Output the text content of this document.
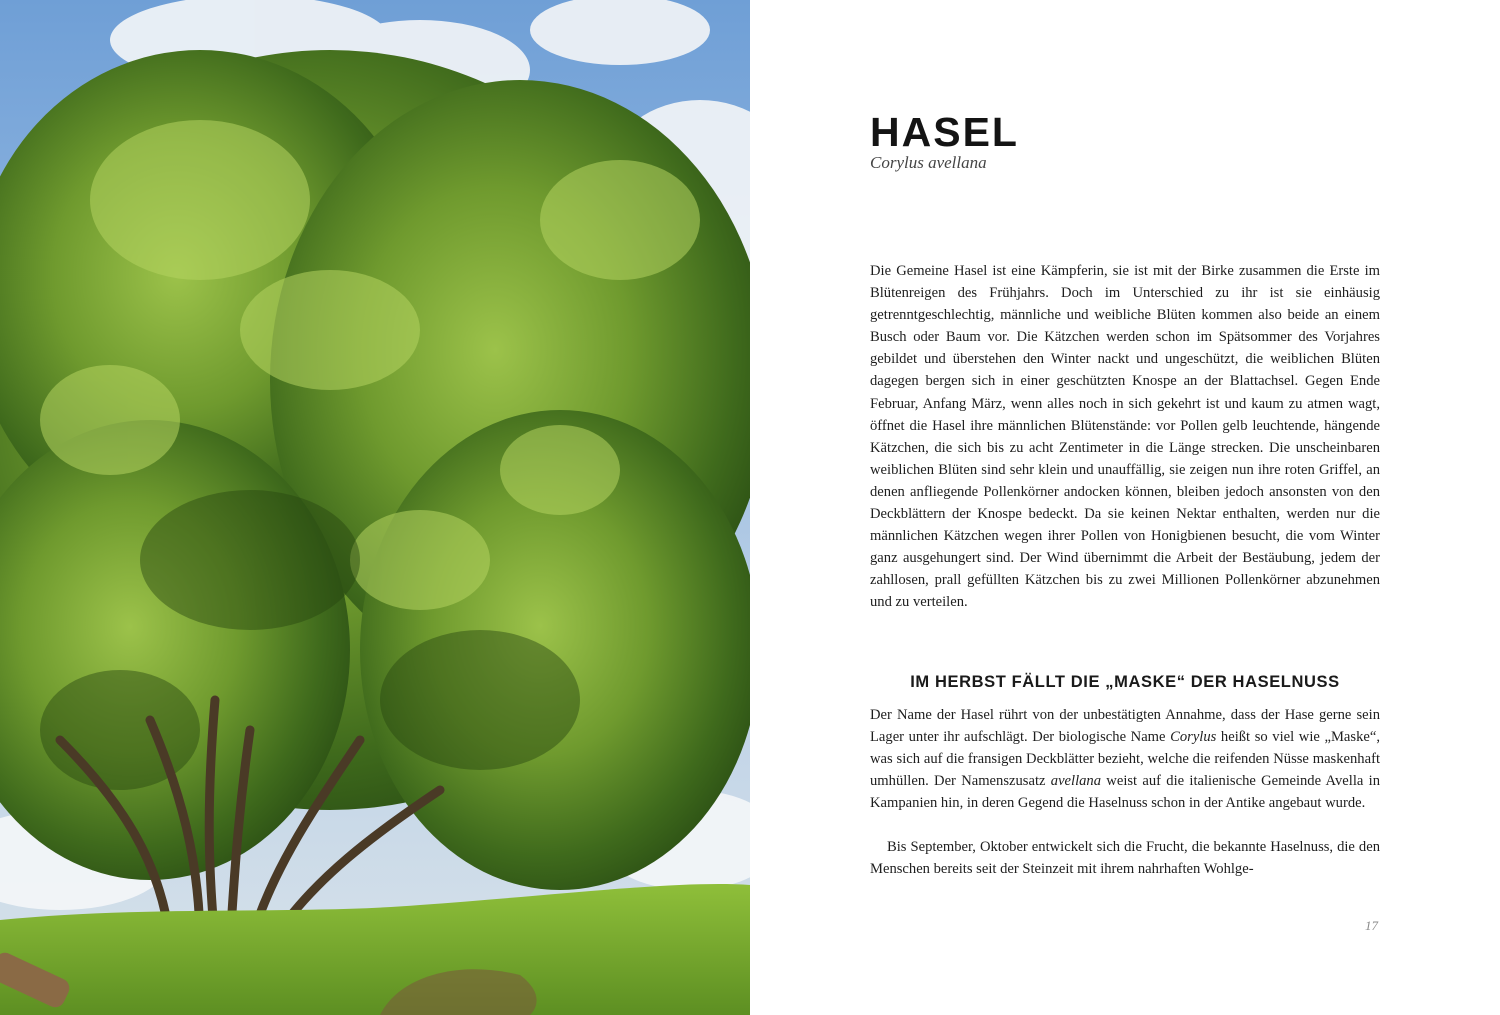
HASEL
Corylus avellana

Die Gemeine Hasel ist eine Kämpferin, sie ist mit der Birke zusammen die Erste im Blütenreigen des Frühjahrs. Doch im Unterschied zu ihr ist sie einhäusig getrenntgeschlechtig, männliche und weibliche Blüten kommen also beide an einem Busch oder Baum vor. Die Kätzchen werden schon im Spätsommer des Vorjahres gebildet und überstehen den Winter nackt und ungeschützt, die weiblichen Blüten dagegen bergen sich in einer geschützten Knospe an der Blattachsel. Gegen Ende Februar, Anfang März, wenn alles noch in sich gekehrt ist und kaum zu atmen wagt, öffnet die Hasel ihre männlichen Blütenstände: vor Pollen gelb leuchtende, hängende Kätzchen, die sich bis zu acht Zentimeter in die Länge strecken. Die unscheinbaren weiblichen Blüten sind sehr klein und unauffällig, sie zeigen nun ihre roten Griffel, an denen anfliegende Pollenkörner andocken können, bleiben jedoch ansonsten von den Deckblättern der Knospe bedeckt. Da sie keinen Nektar enthalten, werden nur die männlichen Kätzchen wegen ihrer Pollen von Honigbienen besucht, die vom Winter ganz ausgehungert sind. Der Wind übernimmt die Arbeit der Bestäubung, jedem der zahllosen, prall gefüllten Kätzchen bis zu zwei Millionen Pollenkörner abzunehmen und zu verteilen.

IM HERBST FÄLLT DIE „MASKE“ DER HASELNUSS

Der Name der Hasel rührt von der unbestätigten Annahme, dass der Hase gerne sein Lager unter ihr aufschlägt. Der biologische Name Corylus heißt so viel wie „Maske“, was sich auf die fransigen Deckblätter bezieht, welche die reifenden Nüsse maskenhaft umhüllen. Der Namenszusatz avellana weist auf die italienische Gemeinde Avella in Kampanien hin, in deren Gegend die Haselnuss schon in der Antike angebaut wurde.

Bis September, Oktober entwickelt sich die Frucht, die bekannte Haselnuss, die den Menschen bereits seit der Steinzeit mit ihrem nahrhaften Wohlge-

17
